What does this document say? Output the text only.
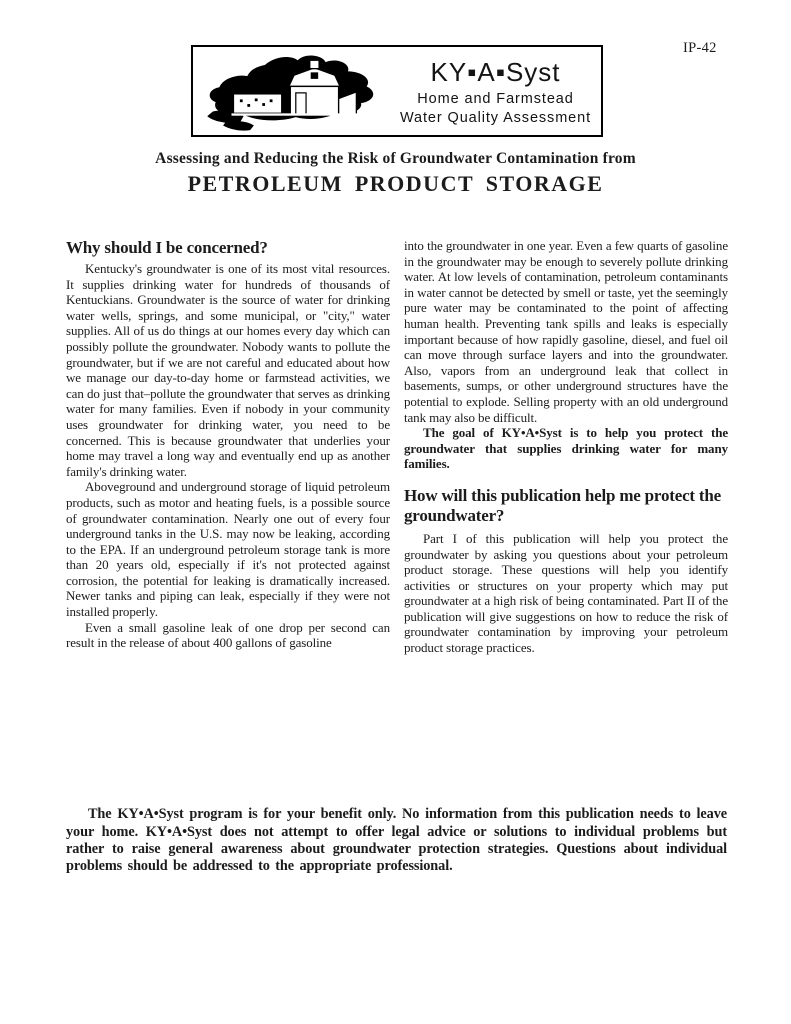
IP-42
KY▪A▪Syst
Home and Farmstead
Water Quality Assessment
Assessing and Reducing the Risk of Groundwater Contamination from
PETROLEUM PRODUCT STORAGE
Why should I be concerned?

Kentucky's groundwater is one of its most vital resources. It supplies drinking water for hundreds of thousands of Kentuckians. Groundwater is the source of water for drinking water wells, springs, and some municipal, or "city," water supplies. All of us do things at our homes every day which can possibly pollute the groundwater. Nobody wants to pollute the groundwater, but if we are not careful and educated about how we manage our day-to-day home or farmstead activities, we can do just that–pollute the groundwater that serves as drinking water for many families. Even if nobody in your community uses groundwater for drinking water, you need to be concerned. This is because groundwater that underlies your home may travel a long way and eventually end up as another family's drinking water.

Aboveground and underground storage of liquid petroleum products, such as motor and heating fuels, is a possible source of groundwater contamination. Nearly one out of every four underground tanks in the U.S. may now be leaking, according to the EPA. If an underground petroleum storage tank is more than 20 years old, especially if it's not protected against corrosion, the potential for leaking is dramatically increased. Newer tanks and piping can leak, especially if they were not installed properly.

Even a small gasoline leak of one drop per second can result in the release of about 400 gallons of gasoline

into the groundwater in one year. Even a few quarts of gasoline in the groundwater may be enough to severely pollute drinking water. At low levels of contamination, petroleum contaminants in water cannot be detected by smell or taste, yet the seemingly pure water may be contaminated to the point of affecting human health. Preventing tank spills and leaks is especially important because of how rapidly gasoline, diesel, and fuel oil can move through surface layers and into the groundwater. Also, vapors from an underground leak that collect in basements, sumps, or other underground structures have the potential to explode. Selling property with an old underground tank may also be difficult.

The goal of KY•A•Syst is to help you protect the groundwater that supplies drinking water for many families.

How will this publication help me protect the groundwater?

Part I of this publication will help you protect the groundwater by asking you questions about your petroleum product storage. These questions will help you identify activities or structures on your property which may put groundwater at a high risk of being contaminated. Part II of the publication will give suggestions on how to reduce the risk of groundwater contamination by improving your petroleum product storage practices.

The KY•A•Syst program is for your benefit only. No information from this publication needs to leave your home. KY•A•Syst does not attempt to offer legal advice or solutions to individual problems but rather to raise general awareness about groundwater protection strategies. Questions about individual problems should be addressed to the appropriate professional.
